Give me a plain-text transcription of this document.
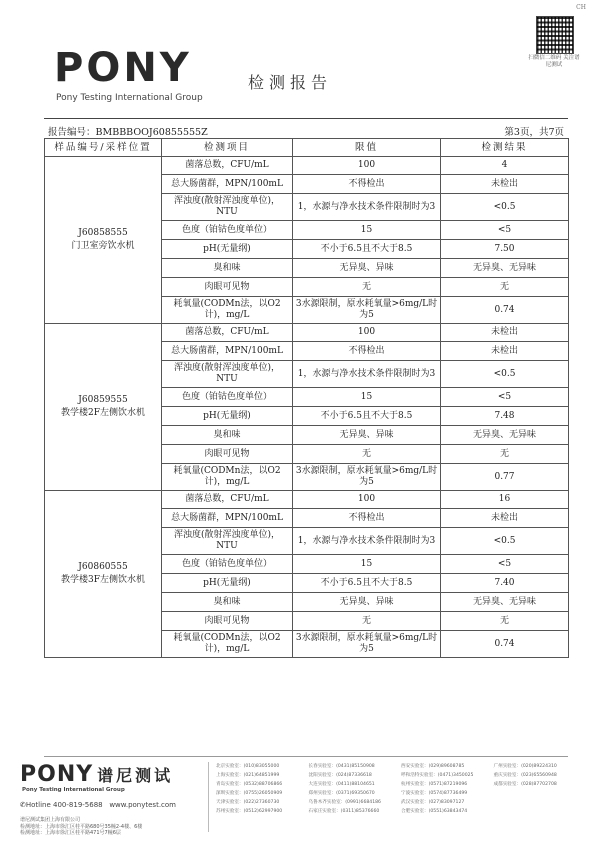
CH
PONY
Pony Testing International Group
检测报告
扫微信二维码 关注谱尼测试
报告编号：BMBBBOOJ60855555Z	第3页，共7页
样品编号/采样位置	检测项目	限值	检测结果

J60858555
门卫室旁饮水机	菌落总数，CFU/mL	100	4
	总大肠菌群，MPN/100mL	不得检出	未检出
	浑浊度(散射浑浊度单位)，NTU	1，水源与净水技术条件限制时为3	<0.5
	色度（铂钴色度单位）	15	<5
	pH(无量纲)	不小于6.5且不大于8.5	7.50
	臭和味	无异臭、异味	无异臭、无异味
	肉眼可见物	无	无
	耗氧量(CODMn法，以O2计)，mg/L	3水源限制，原水耗氧量>6mg/L时为5	0.74

J60859555
教学楼2F左侧饮水机	菌落总数，CFU/mL	100	未检出
	总大肠菌群，MPN/100mL	不得检出	未检出
	浑浊度(散射浑浊度单位)，NTU	1，水源与净水技术条件限制时为3	<0.5
	色度（铂钴色度单位）	15	<5
	pH(无量纲)	不小于6.5且不大于8.5	7.48
	臭和味	无异臭、异味	无异臭、无异味
	肉眼可见物	无	无
	耗氧量(CODMn法，以O2计)，mg/L	3水源限制，原水耗氧量>6mg/L时为5	0.77

J60860555
教学楼3F左侧饮水机	菌落总数，CFU/mL	100	16
	总大肠菌群，MPN/100mL	不得检出	未检出
	浑浊度(散射浑浊度单位)，NTU	1，水源与净水技术条件限制时为3	<0.5
	色度（铂钴色度单位）	15	<5
	pH(无量纲)	不小于6.5且不大于8.5	7.40
	臭和味	无异臭、异味	无异臭、无异味
	肉眼可见物	无	无
	耗氧量(CODMn法，以O2计)，mg/L	3水源限制，原水耗氧量>6mg/L时为5	0.74
PONY 谱尼测试
Pony Testing International Group
✆Hotline 400-819-5688 www.ponytest.com
谱尼测试集团上海有限公司
检测地址：上海市徐汇区桂平路680号35幢2-4楼、6楼
检测地址：上海市徐汇区桂平路471号7幢6层
北京实验室：(010)83055000
上海实验室：(021)64851999
青岛实验室：(0532)88706866
深圳实验室：(0755)26050909
天津实验室：(022)27360730
苏州实验室：(0512)62997900
长春实验室：(0431)85150908
沈阳实验室：(024)87336618
大连实验室：(0411)88104651
郑州实验室：(0371)69350670
乌鲁木齐实验室：(0991)6684186
石家庄实验室：(0311)85376660
西安实验室：(029)89608785
呼和浩特实验室：(0471)3450025
杭州实验室：(0571)87219096
宁波实验室：(0574)87736499
武汉实验室：(027)83097127
合肥实验室：(0551)63843474
广州实验室：(020)89224310
重庆实验室：(023)65560948
成都实验室：(028)87702708
